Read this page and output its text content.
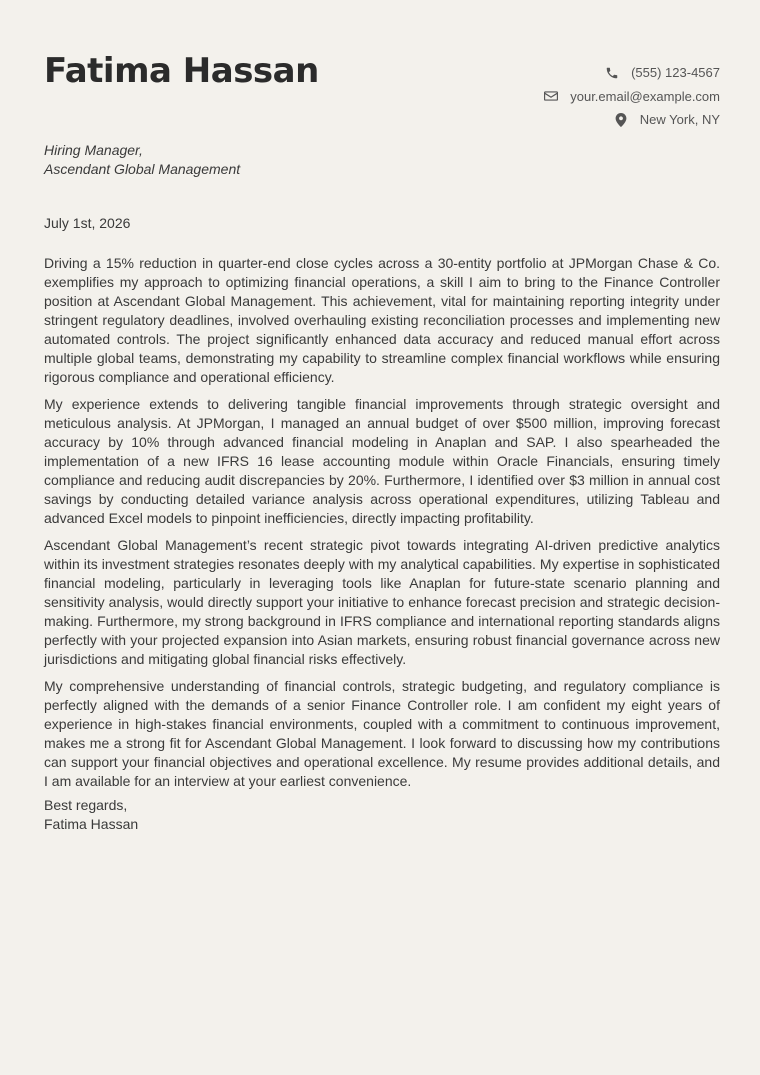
Fatima Hassan	(555) 123-4567
your.email@example.com
New York, NY
Hiring Manager,
Ascendant Global Management
July 1st, 2026

Driving a 15% reduction in quarter-end close cycles across a 30-entity portfolio at JPMorgan Chase & Co. exemplifies my approach to optimizing financial operations, a skill I aim to bring to the Finance Controller position at Ascendant Global Management. This achievement, vital for maintaining reporting integrity under stringent regulatory deadlines, involved overhauling existing reconciliation processes and implementing new automated controls. The project significantly enhanced data accuracy and reduced manual effort across multiple global teams, demonstrating my capability to streamline complex financial workflows while ensuring rigorous compliance and operational efficiency.

My experience extends to delivering tangible financial improvements through strategic oversight and meticulous analysis. At JPMorgan, I managed an annual budget of over $500 million, improving forecast accuracy by 10% through advanced financial modeling in Anaplan and SAP. I also spearheaded the implementation of a new IFRS 16 lease accounting module within Oracle Financials, ensuring timely compliance and reducing audit discrepancies by 20%. Furthermore, I identified over $3 million in annual cost savings by conducting detailed variance analysis across operational expenditures, utilizing Tableau and advanced Excel models to pinpoint inefficiencies, directly impacting profitability.

Ascendant Global Management’s recent strategic pivot towards integrating AI-driven predictive analytics within its investment strategies resonates deeply with my analytical capabilities. My expertise in sophisticated financial modeling, particularly in leveraging tools like Anaplan for future-state scenario planning and sensitivity analysis, would directly support your initiative to enhance forecast precision and strategic decision-making. Furthermore, my strong background in IFRS compliance and international reporting standards aligns perfectly with your projected expansion into Asian markets, ensuring robust financial governance across new jurisdictions and mitigating global financial risks effectively.

My comprehensive understanding of financial controls, strategic budgeting, and regulatory compliance is perfectly aligned with the demands of a senior Finance Controller role. I am confident my eight years of experience in high-stakes financial environments, coupled with a commitment to continuous improvement, makes me a strong fit for Ascendant Global Management. I look forward to discussing how my contributions can support your financial objectives and operational excellence. My resume provides additional details, and I am available for an interview at your earliest convenience.

Best regards,
Fatima Hassan
